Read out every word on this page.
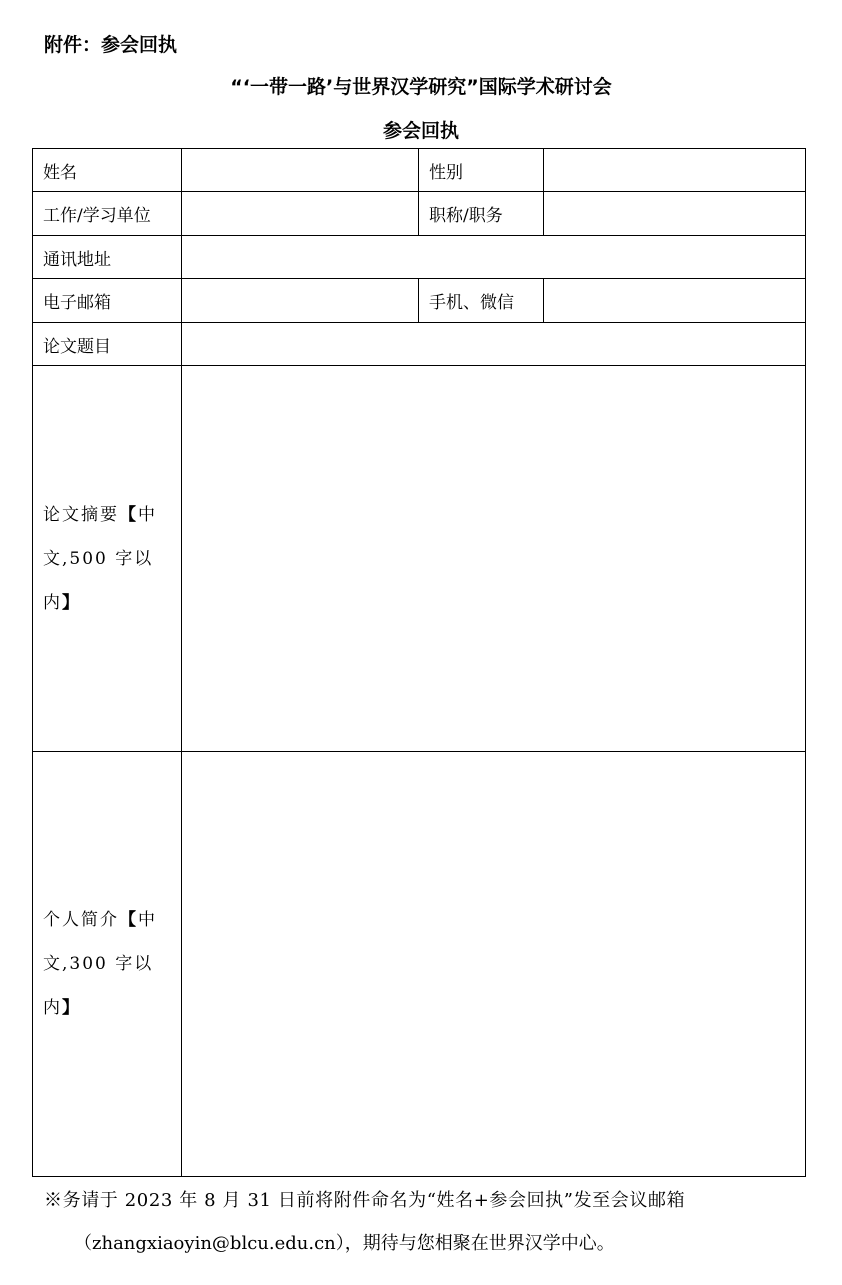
附件：参会回执
“‘一带一路’与世界汉学研究”国际学术研讨会
参会回执
姓名		性别	
工作/学习单位		职称/职务	
通讯地址			
电子邮箱		手机、微信	
论文题目			
论文摘要【中文,500 字以内】			
个人简介【中文,300 字以内】			
※务请于 2023 年 8 月 31 日前将附件命名为“姓名+参会回执”发至会议邮箱
（zhangxiaoyin@blcu.edu.cn），期待与您相聚在世界汉学中心。
